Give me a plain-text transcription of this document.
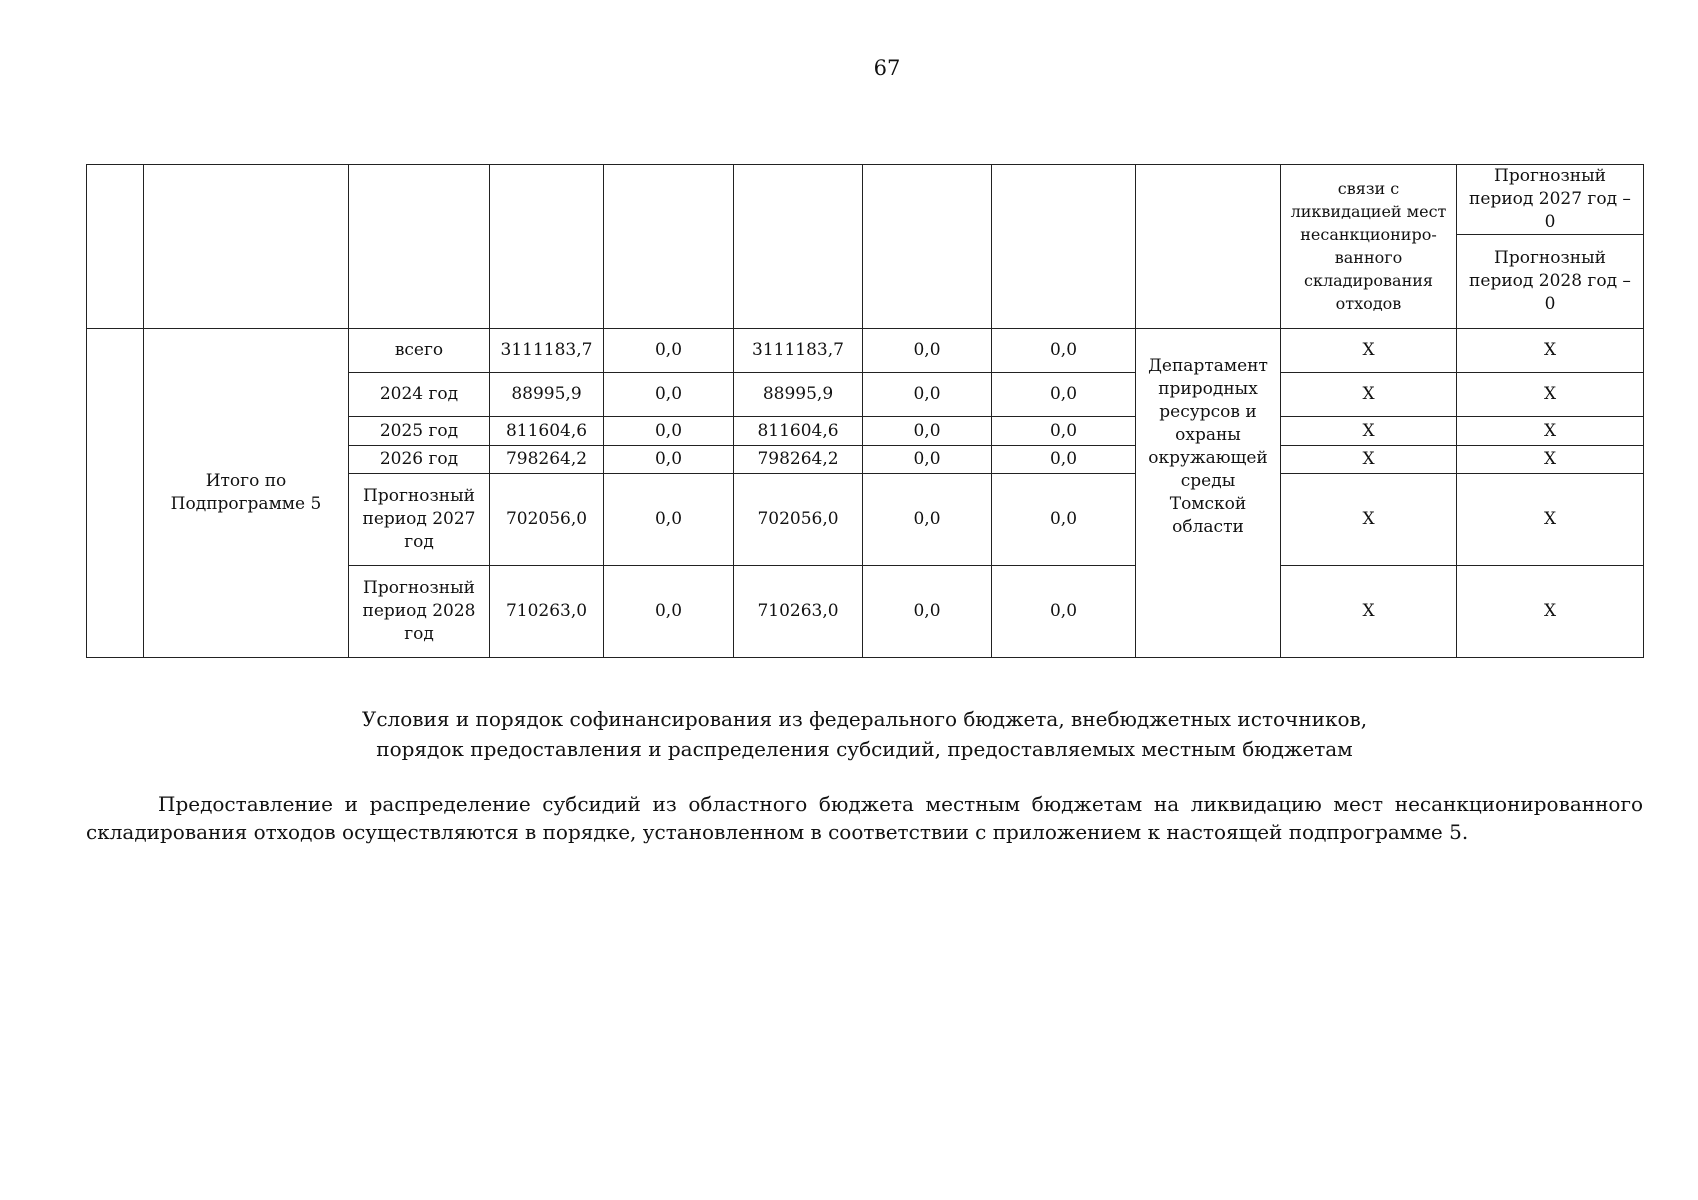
67

									связи с ликвидацией мест несанкциониро-ванного складирования отходов	Прогнозный период 2027 год – 0
										Прогнозный период 2028 год – 0
	Итого по Подпрограмме 5	всего	3111183,7	0,0	3111183,7	0,0	0,0	Департамент природных ресурсов и охраны окружающей среды Томской области	Х	Х
		2024 год	88995,9	0,0	88995,9	0,0	0,0		Х	Х
		2025 год	811604,6	0,0	811604,6	0,0	0,0		Х	Х
		2026 год	798264,2	0,0	798264,2	0,0	0,0		Х	Х
		Прогнозный период 2027 год	702056,0	0,0	702056,0	0,0	0,0		Х	Х
		Прогнозный период 2028 год	710263,0	0,0	710263,0	0,0	0,0		Х	Х
Условия и порядок софинансирования из федерального бюджета, внебюджетных источников,
порядок предоставления и распределения субсидий, предоставляемых местным бюджетам

Предоставление и распределение субсидий из областного бюджета местным бюджетам на ликвидацию мест несанкционированного складирования отходов осуществляются в порядке, установленном в соответствии с приложением к настоящей подпрограмме 5.
